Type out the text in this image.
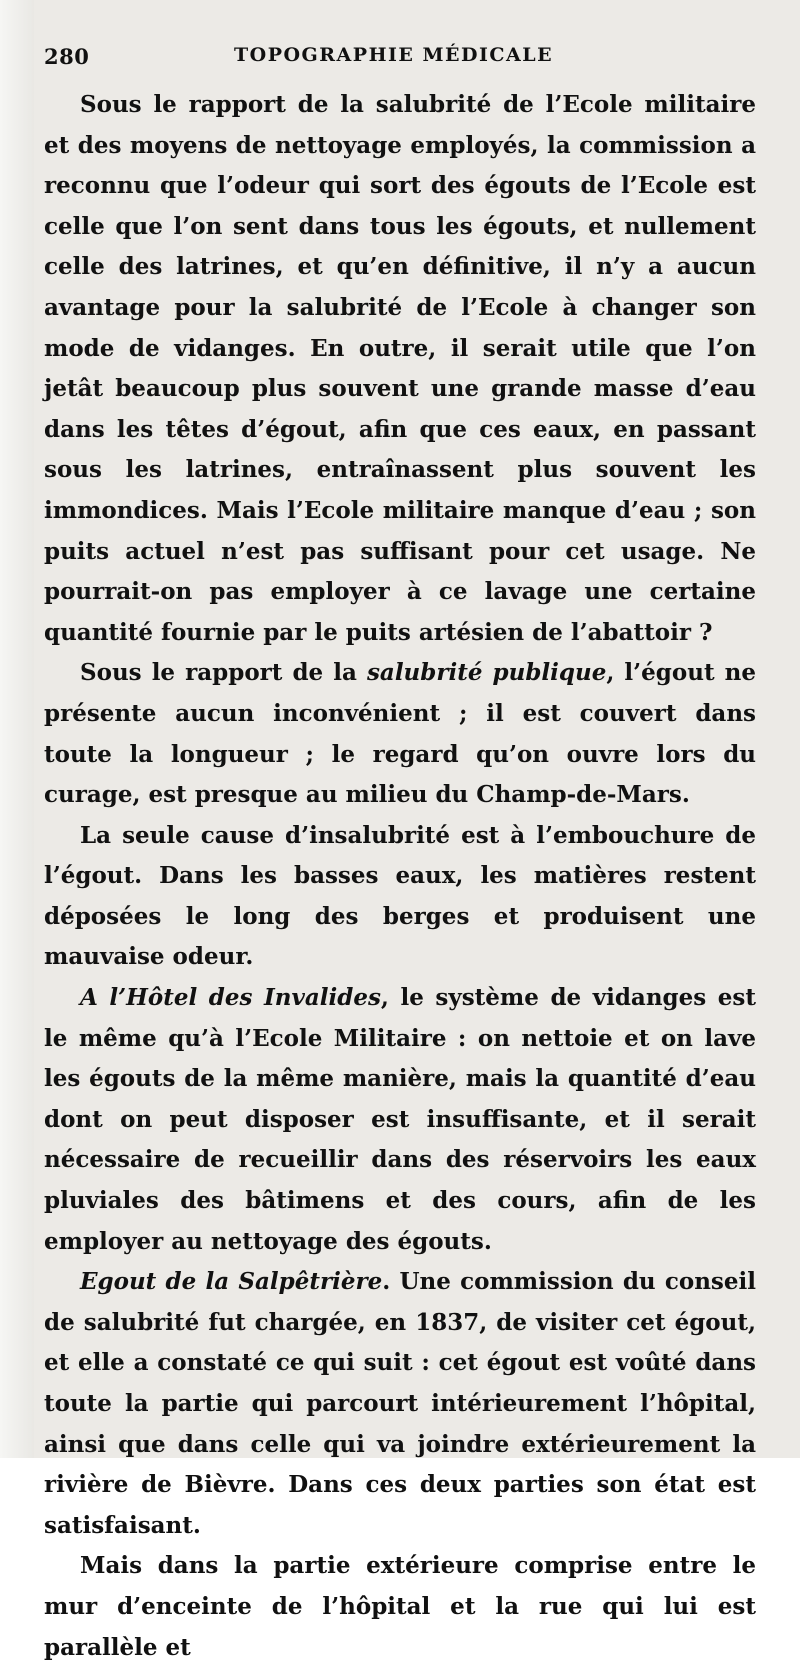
280	TOPOGRAPHIE MÉDICALE

Sous le rapport de la salubrité de l’Ecole militaire et des moyens de nettoyage employés, la commission a reconnu que l’odeur qui sort des égouts de l’Ecole est celle que l’on sent dans tous les égouts, et nullement celle des latrines, et qu’en définitive, il n’y a aucun avantage pour la salubrité de l’Ecole à changer son mode de vidanges. En outre, il serait utile que l’on jetât beaucoup plus souvent une grande masse d’eau dans les têtes d’égout, afin que ces eaux, en passant sous les latrines, entraînassent plus souvent les immondices. Mais l’Ecole militaire manque d’eau ; son puits actuel n’est pas suffisant pour cet usage. Ne pourrait-on pas employer à ce lavage une certaine quantité fournie par le puits artésien de l’abattoir ?

Sous le rapport de la salubrité publique, l’égout ne présente aucun inconvénient ; il est couvert dans toute la longueur ; le regard qu’on ouvre lors du curage, est presque au milieu du Champ-de-Mars.

La seule cause d’insalubrité est à l’embouchure de l’égout. Dans les basses eaux, les matières restent déposées le long des berges et produisent une mauvaise odeur.

A l’Hôtel des Invalides, le système de vidanges est le même qu’à l’Ecole Militaire : on nettoie et on lave les égouts de la même manière, mais la quantité d’eau dont on peut disposer est insuffisante, et il serait nécessaire de recueillir dans des réservoirs les eaux pluviales des bâtimens et des cours, afin de les employer au nettoyage des égouts.

Egout de la Salpêtrière. Une commission du conseil de salubrité fut chargée, en 1837, de visiter cet égout, et elle a constaté ce qui suit : cet égout est voûté dans toute la partie qui parcourt intérieurement l’hôpital, ainsi que dans celle qui va joindre extérieurement la rivière de Bièvre. Dans ces deux parties son état est satisfaisant.

Mais dans la partie extérieure comprise entre le mur d’enceinte de l’hôpital et la rue qui lui est parallèle et
